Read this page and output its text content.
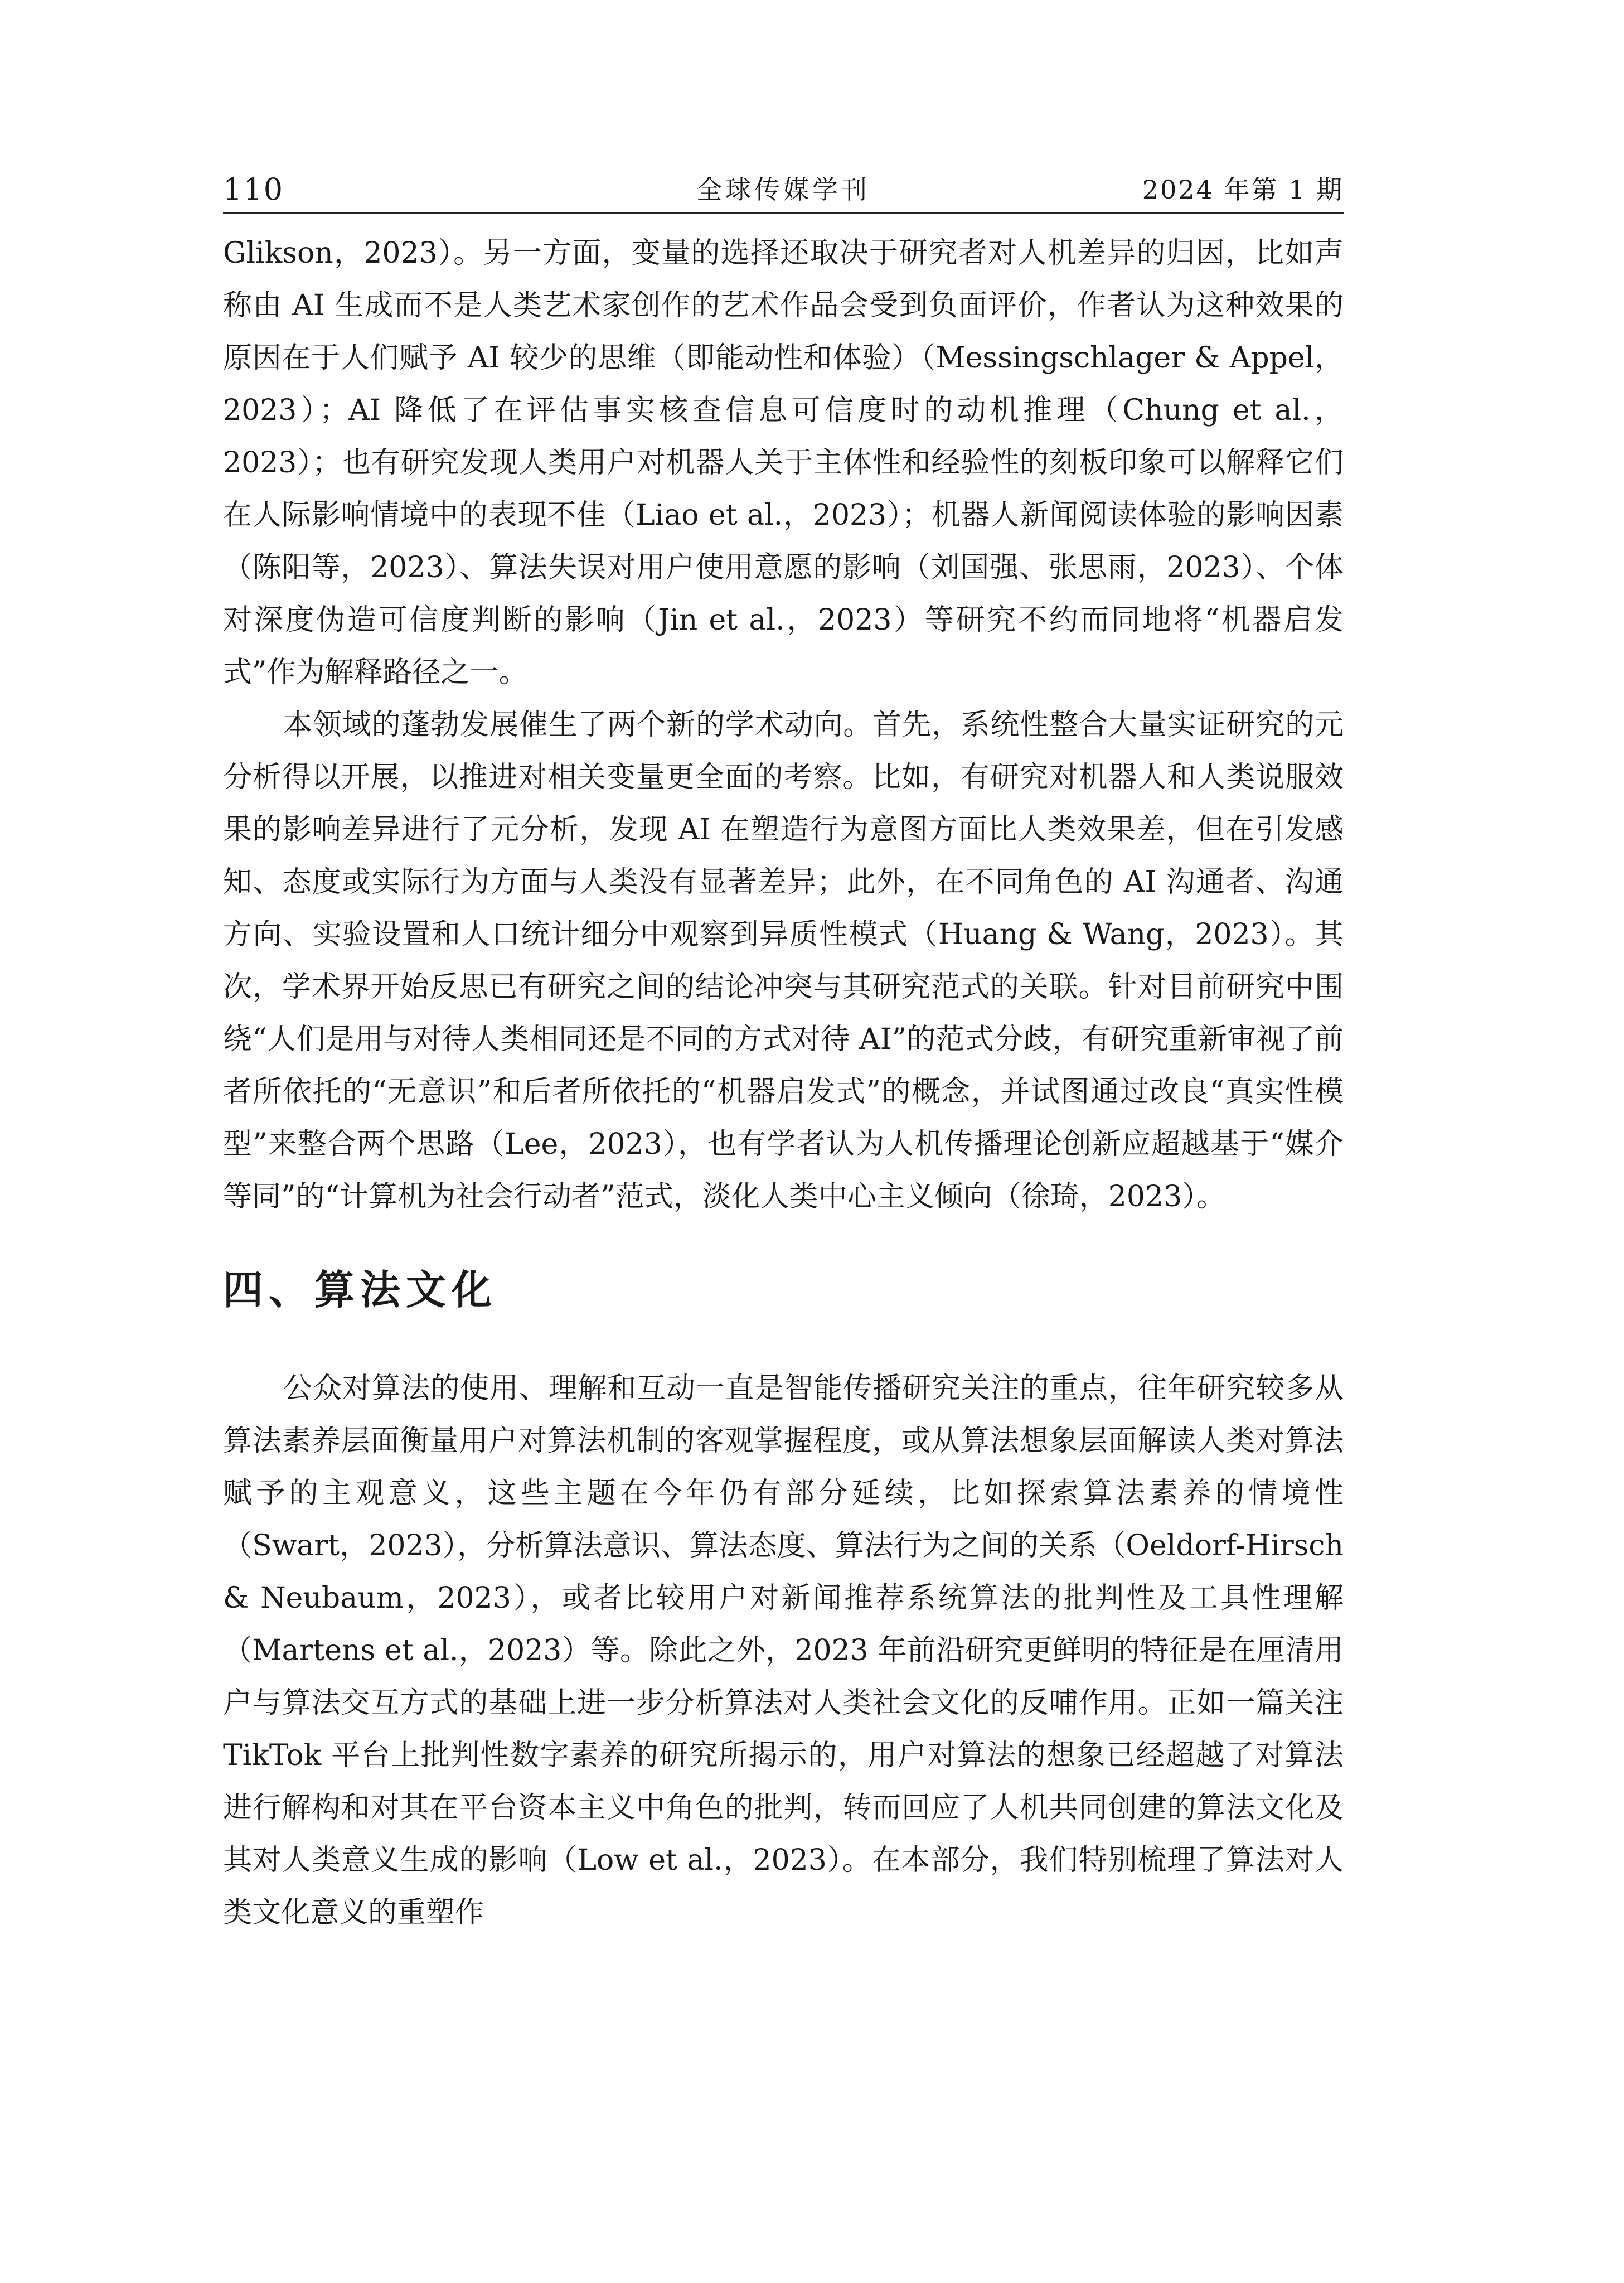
110	全球传媒学刊	2024 年第 1 期

Glikson，2023）。另一方面，变量的选择还取决于研究者对人机差异的归因，比如声称由 AI 生成而不是人类艺术家创作的艺术作品会受到负面评价，作者认为这种效果的原因在于人们赋予 AI 较少的思维（即能动性和体验）（Messingschlager & Appel，2023）；AI 降低了在评估事实核查信息可信度时的动机推理（Chung et al.，2023）；也有研究发现人类用户对机器人关于主体性和经验性的刻板印象可以解释它们在人际影响情境中的表现不佳（Liao et al.，2023）；机器人新闻阅读体验的影响因素（陈阳等，2023）、算法失误对用户使用意愿的影响（刘国强、张思雨，2023）、个体对深度伪造可信度判断的影响（Jin et al.，2023）等研究不约而同地将“机器启发式”作为解释路径之一。

本领域的蓬勃发展催生了两个新的学术动向。首先，系统性整合大量实证研究的元分析得以开展，以推进对相关变量更全面的考察。比如，有研究对机器人和人类说服效果的影响差异进行了元分析，发现 AI 在塑造行为意图方面比人类效果差，但在引发感知、态度或实际行为方面与人类没有显著差异；此外，在不同角色的 AI 沟通者、沟通方向、实验设置和人口统计细分中观察到异质性模式（Huang & Wang，2023）。其次，学术界开始反思已有研究之间的结论冲突与其研究范式的关联。针对目前研究中围绕“人们是用与对待人类相同还是不同的方式对待 AI”的范式分歧，有研究重新审视了前者所依托的“无意识”和后者所依托的“机器启发式”的概念，并试图通过改良“真实性模型”来整合两个思路（Lee，2023），也有学者认为人机传播理论创新应超越基于“媒介等同”的“计算机为社会行动者”范式，淡化人类中心主义倾向（徐琦，2023）。

四、算法文化

公众对算法的使用、理解和互动一直是智能传播研究关注的重点，往年研究较多从算法素养层面衡量用户对算法机制的客观掌握程度，或从算法想象层面解读人类对算法赋予的主观意义，这些主题在今年仍有部分延续，比如探索算法素养的情境性（Swart，2023），分析算法意识、算法态度、算法行为之间的关系（Oeldorf-Hirsch & Neubaum，2023），或者比较用户对新闻推荐系统算法的批判性及工具性理解（Martens et al.，2023）等。除此之外，2023 年前沿研究更鲜明的特征是在厘清用户与算法交互方式的基础上进一步分析算法对人类社会文化的反哺作用。正如一篇关注 TikTok 平台上批判性数字素养的研究所揭示的，用户对算法的想象已经超越了对算法进行解构和对其在平台资本主义中角色的批判，转而回应了人机共同创建的算法文化及其对人类意义生成的影响（Low et al.，2023）。在本部分，我们特别梳理了算法对人类文化意义的重塑作
